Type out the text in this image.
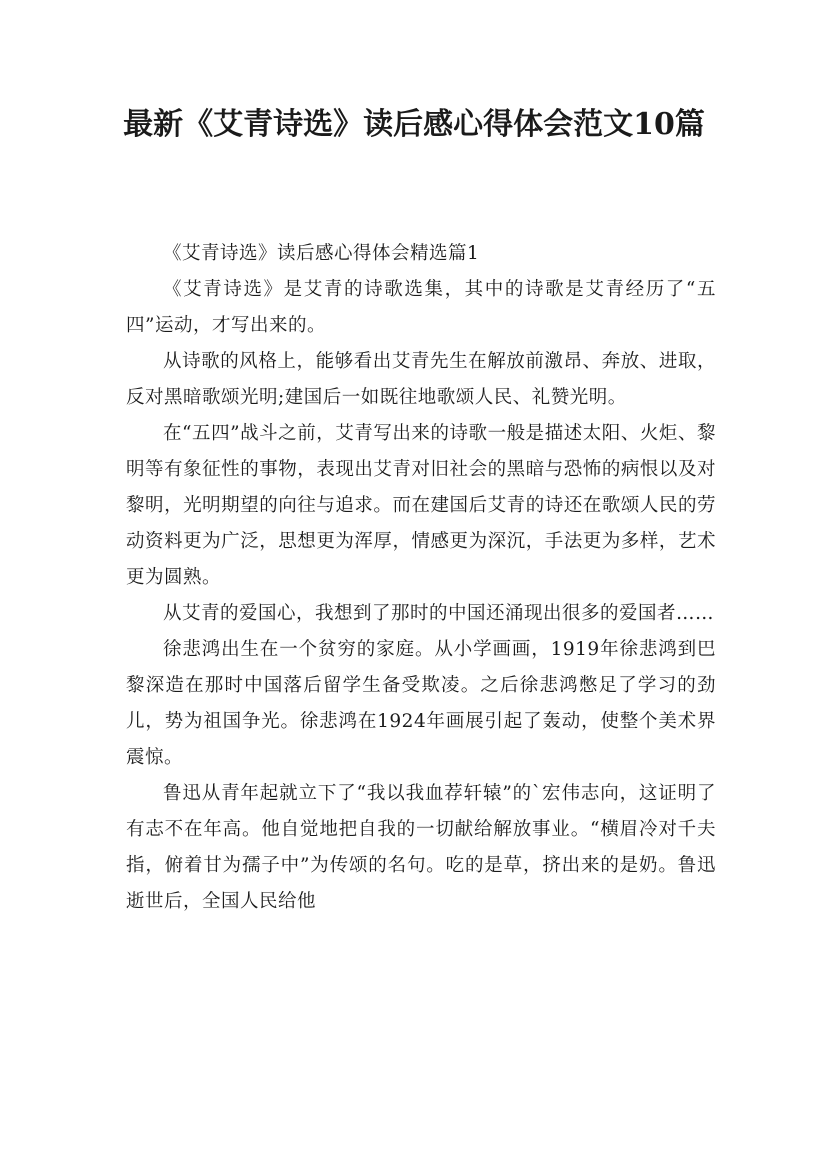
最新《艾青诗选》读后感心得体会范文10篇

《艾青诗选》读后感心得体会精选篇1

《艾青诗选》是艾青的诗歌选集，其中的诗歌是艾青经历了“五四”运动，才写出来的。

从诗歌的风格上，能够看出艾青先生在解放前激昂、奔放、进取，反对黑暗歌颂光明;建国后一如既往地歌颂人民、礼赞光明。

在“五四”战斗之前，艾青写出来的诗歌一般是描述太阳、火炬、黎明等有象征性的事物，表现出艾青对旧社会的黑暗与恐怖的病恨以及对黎明，光明期望的向往与追求。而在建国后艾青的诗还在歌颂人民的劳动资料更为广泛，思想更为浑厚，情感更为深沉，手法更为多样，艺术更为圆熟。

从艾青的爱国心，我想到了那时的中国还涌现出很多的爱国者……

徐悲鸿出生在一个贫穷的家庭。从小学画画，1919年徐悲鸿到巴黎深造在那时中国落后留学生备受欺凌。之后徐悲鸿憋足了学习的劲儿，势为祖国争光。徐悲鸿在1924年画展引起了轰动，使整个美术界震惊。

鲁迅从青年起就立下了“我以我血荐轩辕”的`宏伟志向，这证明了有志不在年高。他自觉地把自我的一切献给解放事业。“横眉冷对千夫指，俯着甘为孺子中”为传颂的名句。吃的是草，挤出来的是奶。鲁迅逝世后，全国人民给他
